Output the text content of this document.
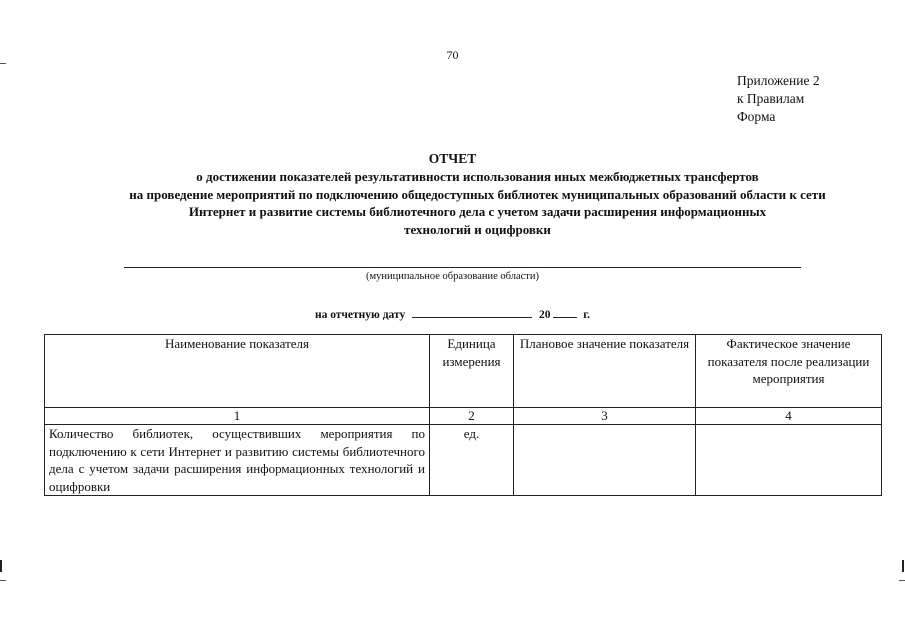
70
Приложение 2
к Правилам
Форма
ОТЧЕТ
о достижении показателей результативности использования иных межбюджетных трансфертов
на проведение мероприятий по подключению общедоступных библиотек муниципальных образований области к сети
Интернет и развитие системы библиотечного дела с учетом задачи расширения информационных
технологий и оцифровки
(муниципальное образование области)
на отчетную дату	20	г.
Наименование показателя	Единица измерения	Плановое значение показателя	Фактическое значение показателя после реализации мероприятия
1	2	3	4
Количество библиотек, осуществивших мероприятия по подключению к сети Интернет и развитию системы библиотечного дела с учетом задачи расширения информационных технологий и оцифровки	ед.		
